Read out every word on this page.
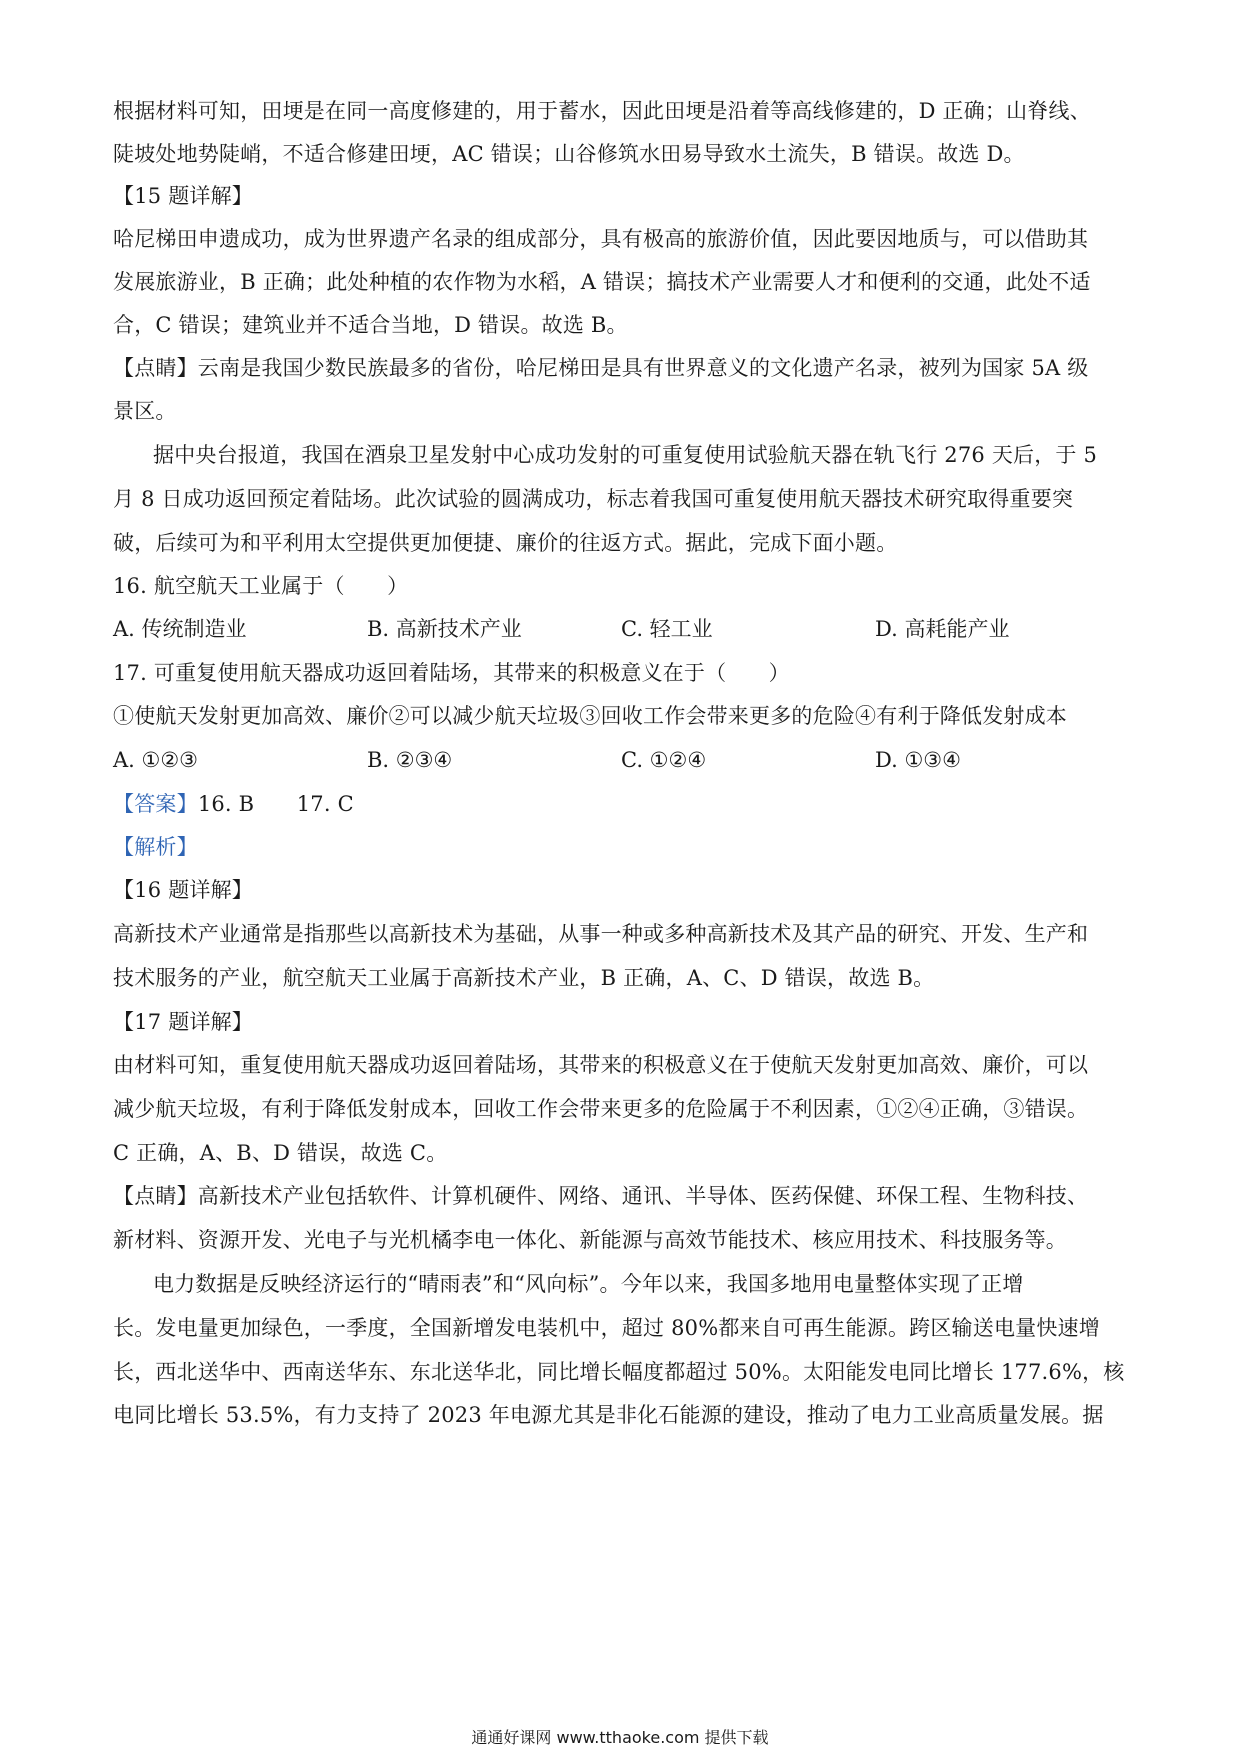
根据材料可知，田埂是在同一高度修建的，用于蓄水，因此田埂是沿着等高线修建的，D 正确；山脊线、
陡坡处地势陡峭，不适合修建田埂，AC 错误；山谷修筑水田易导致水土流失，B 错误。故选 D。
【15 题详解】
哈尼梯田申遗成功，成为世界遗产名录的组成部分，具有极高的旅游价值，因此要因地质与，可以借助其
发展旅游业，B 正确；此处种植的农作物为水稻，A 错误；搞技术产业需要人才和便利的交通，此处不适
合，C 错误；建筑业并不适合当地，D 错误。故选 B。
【点睛】云南是我国少数民族最多的省份，哈尼梯田是具有世界意义的文化遗产名录，被列为国家 5A 级
景区。
据中央台报道，我国在酒泉卫星发射中心成功发射的可重复使用试验航天器在轨飞行 276 天后，于 5
月 8 日成功返回预定着陆场。此次试验的圆满成功，标志着我国可重复使用航天器技术研究取得重要突
破，后续可为和平利用太空提供更加便捷、廉价的往返方式。据此，完成下面小题。
16. 航空航天工业属于（　　）
A. 传统制造业	B. 高新技术产业	C. 轻工业	D. 高耗能产业
17. 可重复使用航天器成功返回着陆场，其带来的积极意义在于（　　）
①使航天发射更加高效、廉价②可以减少航天垃圾③回收工作会带来更多的危险④有利于降低发射成本
A. ①②③	B. ②③④	C. ①②④	D. ①③④
【答案】16. B　　17. C
【解析】
【16 题详解】
高新技术产业通常是指那些以高新技术为基础，从事一种或多种高新技术及其产品的研究、开发、生产和
技术服务的产业，航空航天工业属于高新技术产业，B 正确，A、C、D 错误，故选 B。
【17 题详解】
由材料可知，重复使用航天器成功返回着陆场，其带来的积极意义在于使航天发射更加高效、廉价，可以
减少航天垃圾，有利于降低发射成本，回收工作会带来更多的危险属于不利因素，①②④正确，③错误。
C 正确，A、B、D 错误，故选 C。
【点睛】高新技术产业包括软件、计算机硬件、网络、通讯、半导体、医药保健、环保工程、生物科技、
新材料、资源开发、光电子与光机橘李电一体化、新能源与高效节能技术、核应用技术、科技服务等。
电力数据是反映经济运行的“晴雨表”和“风向标”。今年以来，我国多地用电量整体实现了正增
长。发电量更加绿色，一季度，全国新增发电装机中，超过 80%都来自可再生能源。跨区输送电量快速增
长，西北送华中、西南送华东、东北送华北，同比增长幅度都超过 50%。太阳能发电同比增长 177.6%，核
电同比增长 53.5%，有力支持了 2023 年电源尤其是非化石能源的建设，推动了电力工业高质量发展。据
通通好课网 www.tthaoke.com 提供下载
